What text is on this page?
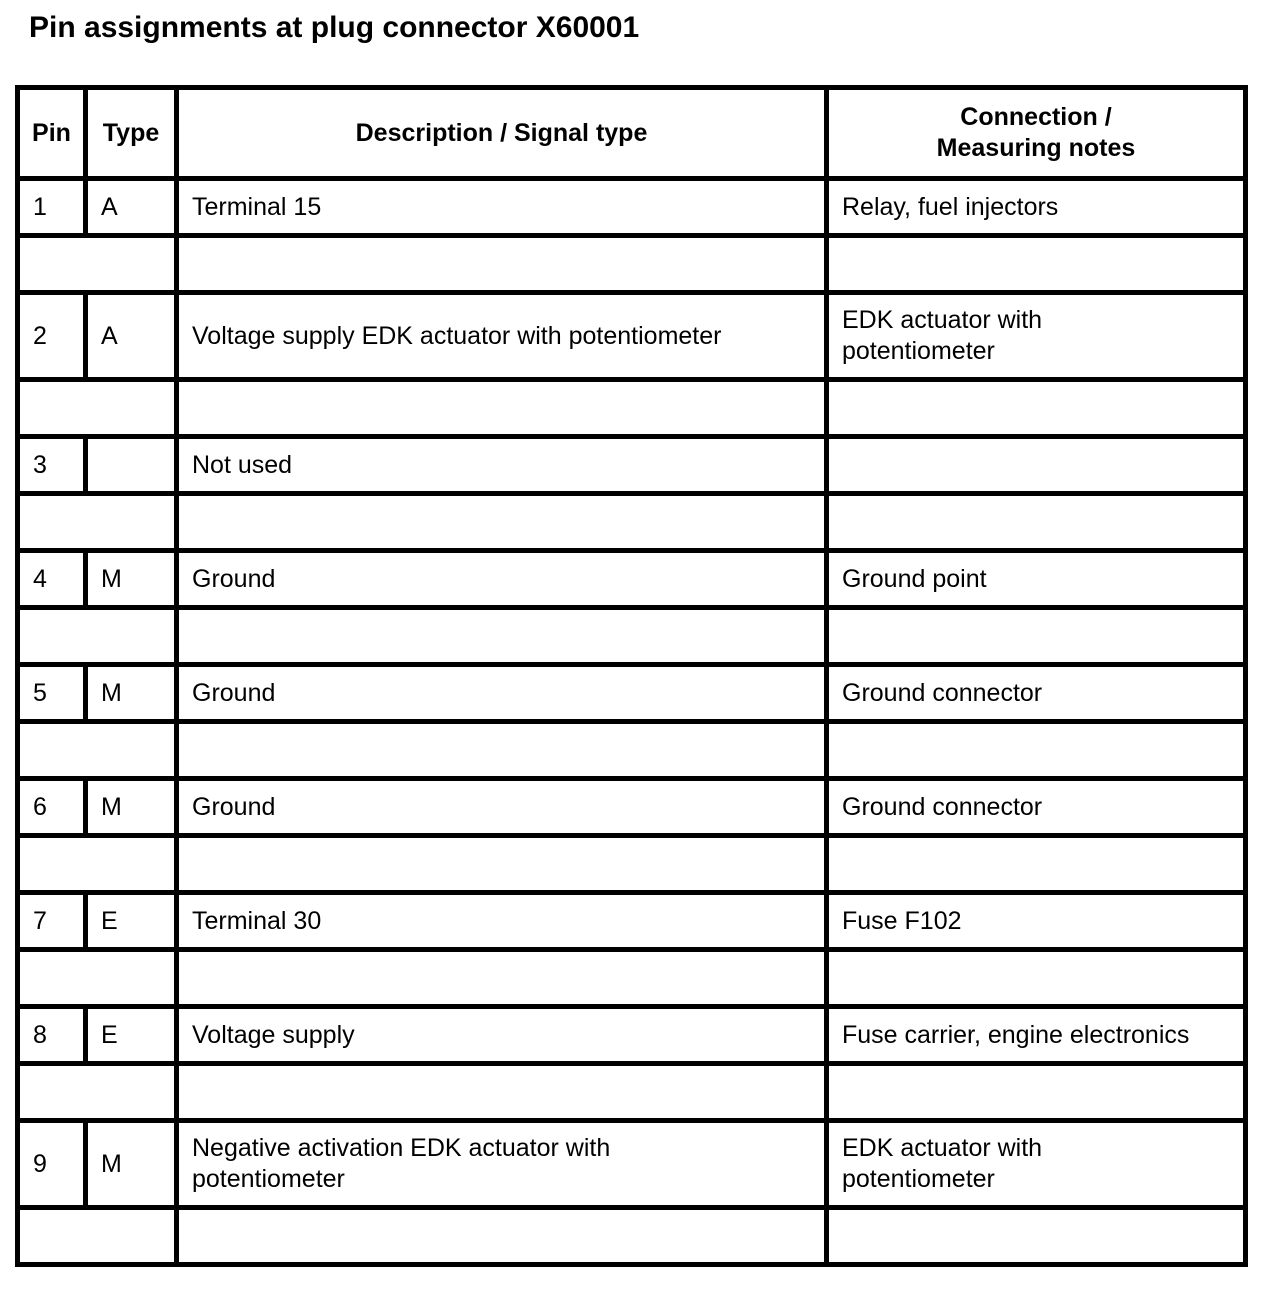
Pin assignments at plug connector X60001
Pin	Type	Description / Signal type	Connection /
Measuring notes
1	A	Terminal 15	Relay, fuel injectors

2	A	Voltage supply EDK actuator with potentiometer	EDK actuator with
potentiometer

3		Not used	

4	M	Ground	Ground point

5	M	Ground	Ground connector

6	M	Ground	Ground connector

7	E	Terminal 30	Fuse F102

8	E	Voltage supply	Fuse carrier, engine electronics

9	M	Negative activation EDK actuator with
potentiometer	EDK actuator with
potentiometer
